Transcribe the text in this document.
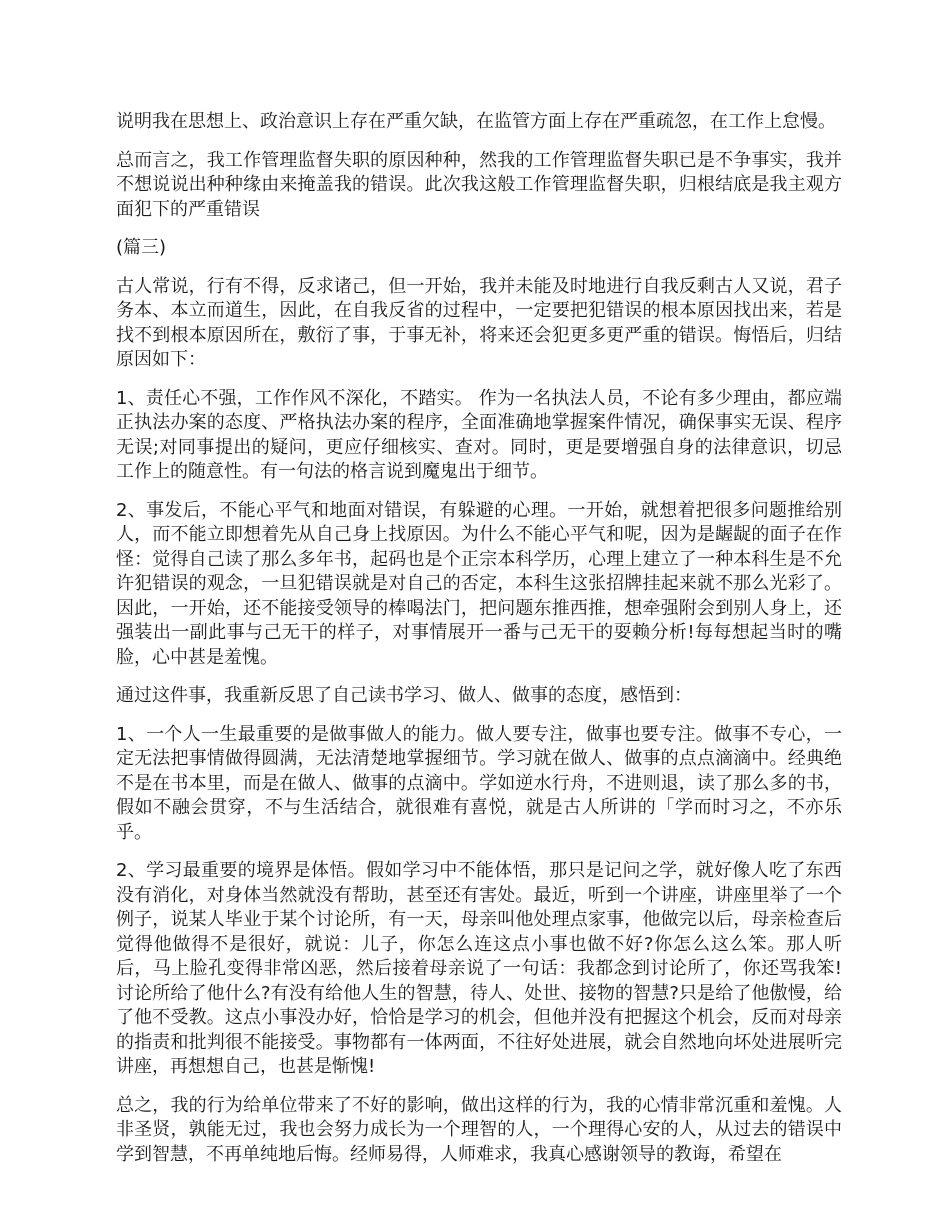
说明我在思想上、政治意识上存在严重欠缺，在监管方面上存在严重疏忽，在工作上怠慢。

总而言之，我工作管理监督失职的原因种种，然我的工作管理监督失职已是不争事实，我并不想说说出种种缘由来掩盖我的错误。此次我这般工作管理监督失职，归根结底是我主观方面犯下的严重错误

(篇三)

古人常说，行有不得，反求诸己，但一开始，我并未能及时地进行自我反剩古人又说，君子务本、本立而道生，因此，在自我反省的过程中，一定要把犯错误的根本原因找出来，若是找不到根本原因所在，敷衍了事，于事无补，将来还会犯更多更严重的错误。悔悟后，归结原因如下：

1、责任心不强，工作作风不深化，不踏实。 作为一名执法人员，不论有多少理由，都应端正执法办案的态度、严格执法办案的程序，全面准确地掌握案件情况，确保事实无误、程序无误;对同事提出的疑问，更应仔细核实、查对。同时，更是要增强自身的法律意识，切忌工作上的随意性。有一句法的格言说到魔鬼出于细节。

2、事发后，不能心平气和地面对错误，有躲避的心理。一开始，就想着把很多问题推给别人，而不能立即想着先从自己身上找原因。为什么不能心平气和呢，因为是龌龊的面子在作怪：觉得自己读了那么多年书，起码也是个正宗本科学历，心理上建立了一种本科生是不允许犯错误的观念，一旦犯错误就是对自己的否定，本科生这张招牌挂起来就不那么光彩了。因此，一开始，还不能接受领导的棒喝法门，把问题东推西推，想牵强附会到别人身上，还强装出一副此事与己无干的样子，对事情展开一番与己无干的耍赖分析!每每想起当时的嘴脸，心中甚是羞愧。

通过这件事，我重新反思了自己读书学习、做人、做事的态度，感悟到：

1、一个人一生最重要的是做事做人的能力。做人要专注，做事也要专注。做事不专心，一定无法把事情做得圆满，无法清楚地掌握细节。学习就在做人、做事的点点滴滴中。经典绝不是在书本里，而是在做人、做事的点滴中。学如逆水行舟，不进则退，读了那么多的书，假如不融会贯穿，不与生活结合，就很难有喜悦，就是古人所讲的「学而时习之，不亦乐乎。

2、学习最重要的境界是体悟。假如学习中不能体悟，那只是记问之学，就好像人吃了东西没有消化，对身体当然就没有帮助，甚至还有害处。最近，听到一个讲座，讲座里举了一个例子，说某人毕业于某个讨论所，有一天，母亲叫他处理点家事，他做完以后，母亲检查后觉得他做得不是很好，就说：儿子，你怎么连这点小事也做不好?你怎么这么笨。那人听后，马上脸孔变得非常凶恶，然后接着母亲说了一句话：我都念到讨论所了，你还骂我笨!讨论所给了他什么?有没有给他人生的智慧，待人、处世、接物的智慧?只是给了他傲慢，给了他不受教。这点小事没办好，恰恰是学习的机会，但他并没有把握这个机会，反而对母亲的指责和批判很不能接受。事物都有一体两面，不往好处进展，就会自然地向坏处进展听完讲座，再想想自己，也甚是惭愧!

总之，我的行为给单位带来了不好的影响，做出这样的行为，我的心情非常沉重和羞愧。人非圣贤，孰能无过，我也会努力成长为一个理智的人，一个理得心安的人，从过去的错误中学到智慧，不再单纯地后悔。经师易得，人师难求，我真心感谢领导的教诲，希望在
